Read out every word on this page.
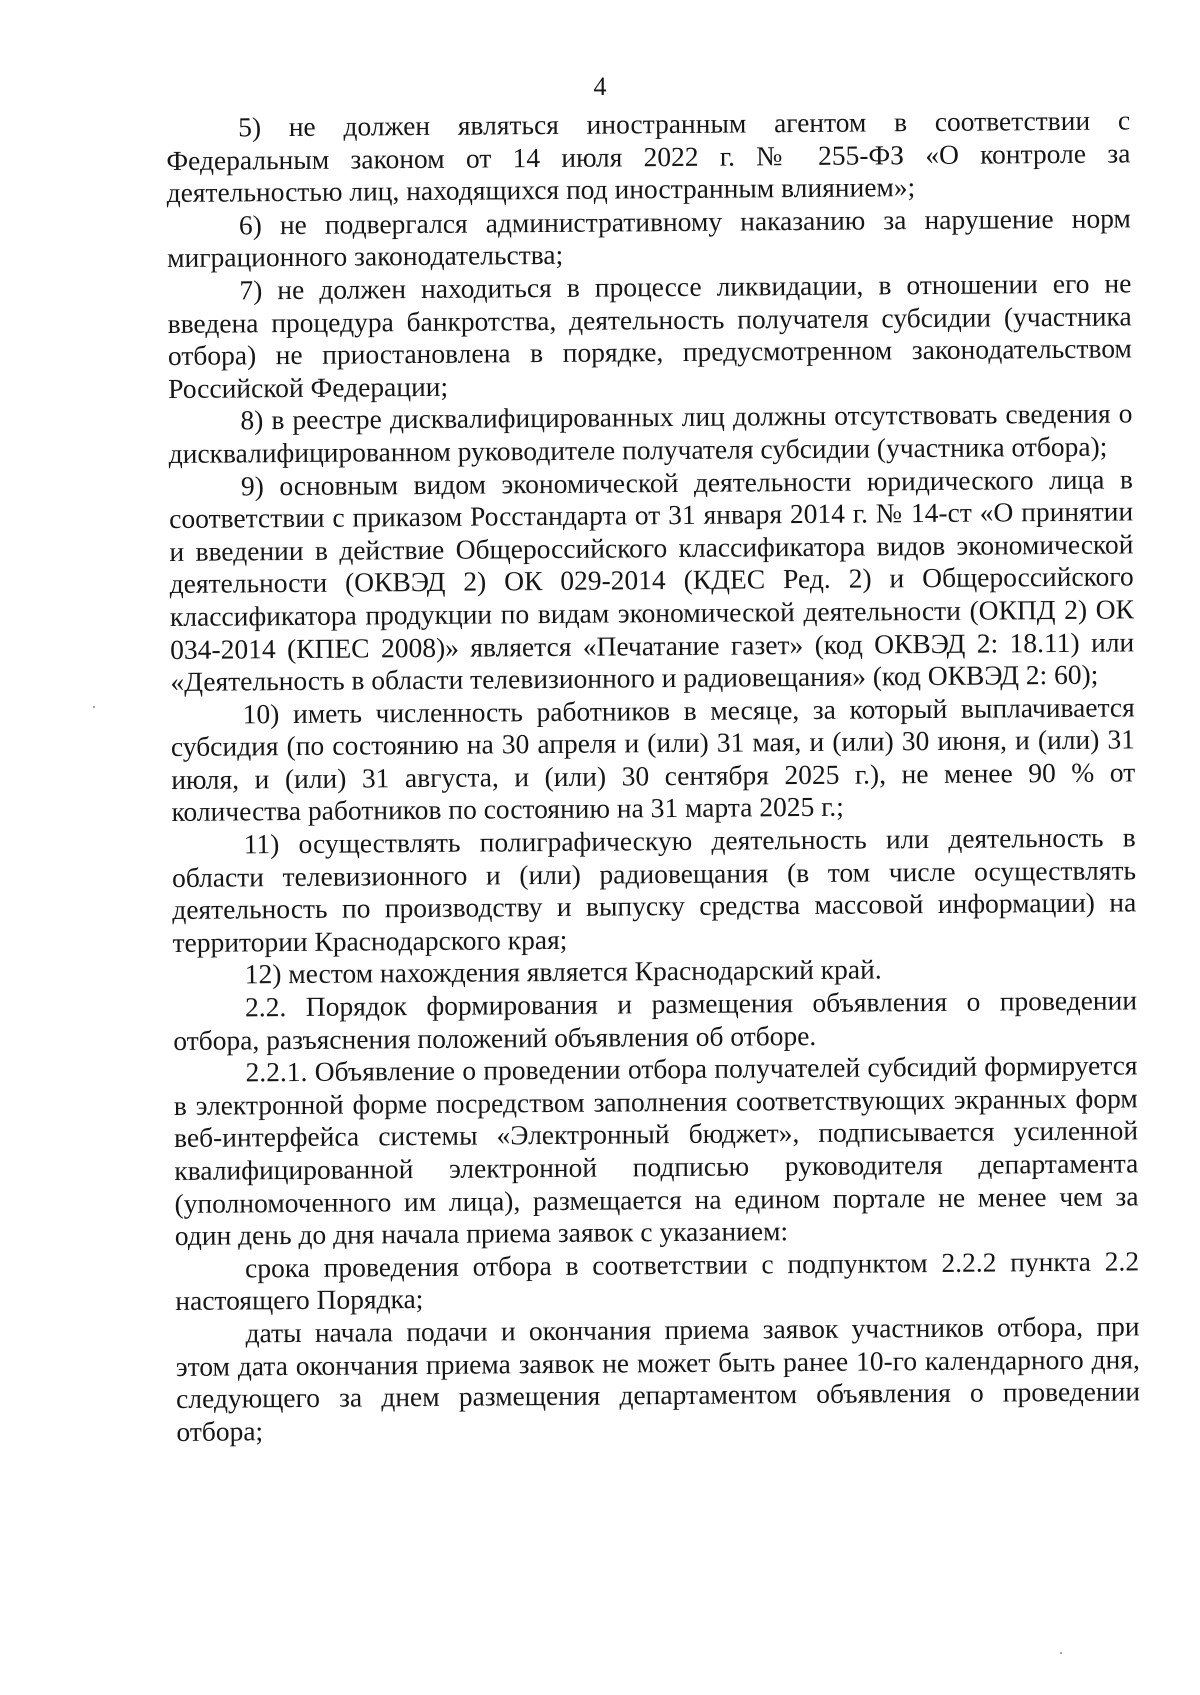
4

5) не должен являться иностранным агентом в соответствии с Федеральным законом от 14 июля 2022 г. № 255-ФЗ «О контроле за деятельностью лиц, находящихся под иностранным влиянием»;

6) не подвергался административному наказанию за нарушение норм миграционного законодательства;

7) не должен находиться в процессе ликвидации, в отношении его не введена процедура банкротства, деятельность получателя субсидии (участника отбора) не приостановлена в порядке, предусмотренном законодательством Российской Федерации;

8) в реестре дисквалифицированных лиц должны отсутствовать сведения о дисквалифицированном руководителе получателя субсидии (участника отбора);

9) основным видом экономической деятельности юридического лица в соответствии с приказом Росстандарта от 31 января 2014 г. № 14-ст «О принятии и введении в действие Общероссийского классификатора видов экономической деятельности (ОКВЭД 2) ОК 029-2014 (КДЕС Ред. 2) и Общероссийского классификатора продукции по видам экономической деятельности (ОКПД 2) ОК 034-2014 (КПЕС 2008)» является «Печатание газет» (код ОКВЭД 2: 18.11) или «Деятельность в области телевизионного и радиовещания» (код ОКВЭД 2: 60);

10) иметь численность работников в месяце, за который выплачивается субсидия (по состоянию на 30 апреля и (или) 31 мая, и (или) 30 июня, и (или) 31 июля, и (или) 31 августа, и (или) 30 сентября 2025 г.), не менее 90 % от количества работников по состоянию на 31 марта 2025 г.;

11) осуществлять полиграфическую деятельность или деятельность в области телевизионного и (или) радиовещания (в том числе осуществлять деятельность по производству и выпуску средства массовой информации) на территории Краснодарского края;

12) местом нахождения является Краснодарский край.

2.2. Порядок формирования и размещения объявления о проведении отбора, разъяснения положений объявления об отборе.

2.2.1. Объявление о проведении отбора получателей субсидий формируется в электронной форме посредством заполнения соответствующих экранных форм веб-интерфейса системы «Электронный бюджет», подписывается усиленной квалифицированной электронной подписью руководителя департамента (уполномоченного им лица), размещается на едином портале не менее чем за один день до дня начала приема заявок с указанием:

срока проведения отбора в соответствии с подпунктом 2.2.2 пункта 2.2 настоящего Порядка;

даты начала подачи и окончания приема заявок участников отбора, при этом дата окончания приема заявок не может быть ранее 10-го календарного дня, следующего за днем размещения департаментом объявления о проведении отбора;
